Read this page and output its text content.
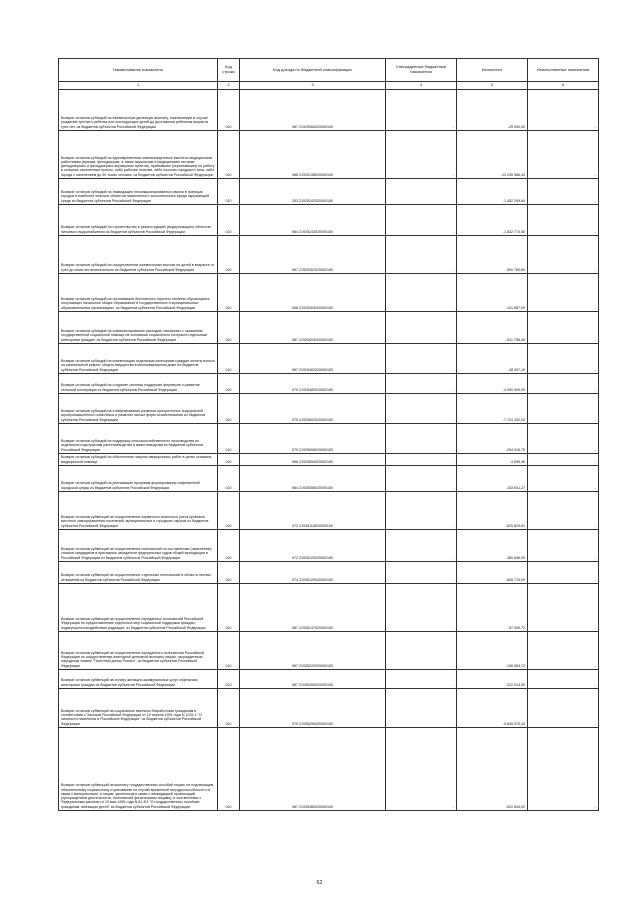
Наименование показателя	Код строки	Код дохода по бюджетной классификации	Утвержденные бюджетные назначения	Исполнено	Неисполненные назначения
1	2	3	4	5	6
Возврат остатков субсидий на ежемесячную денежную выплату, назначаемую в случае рождения третьего ребенка или последующих детей до достижения ребенком возраста трех лет, из бюджетов субъектов Российской Федерации	010	987 21925084020000150	-	-25 000,00	-
Возврат остатков субсидий на единовременные компенсационные выплаты медицинским работникам (врачам, фельдшерам, а также акушеркам и медицинским сестрам фельдшерских и фельдшерско-акушерских пунктов), прибывшим (переехавшим) на работу в сельские населенные пункты, либо рабочие поселки, либо поселки городского типа, либо города с населением до 50 тысяч человек, из бюджетов субъектов Российской Федерации	010	986 21925138020000150	-	-13 245 586,44	-
Возврат остатков субсидий на ликвидацию несанкционированных свалок в границах городов и наиболее опасных объектов накопленного экологического вреда окружающей среде из бюджетов субъектов Российской Федерации	010	253 21925242020000150	-	-1 452 249,84	-
Возврат остатков субсидий на строительство и реконструкцию (модернизацию) объектов питьевого водоснабжения из бюджетов субъектов Российской Федерации	010	984 21925243020000150	-	-1 832 774,50	-
Возврат остатков субсидий на осуществление ежемесячных выплат на детей в возрасте от трех до семи лет включительно из бюджетов субъектов Российской Федерации	010	987 21925302020000150	-	-500 780,84	-
Возврат остатков субсидий на организацию бесплатного горячего питания обучающихся, получающих начальное общее образование в государственных и муниципальных образовательных организациях, из бюджетов субъектов Российской Федерации	010	068 21925304020000150	-	-141 687,09	-
Возврат остатков субсидий на софинансирование расходов, связанных с оказанием государственной социальной помощи на основании социального контракта отдельным категориям граждан, из бюджетов субъектов Российской Федерации	010	987 21925404020000150	-	-511 796,40	-
Возврат остатков субсидий на компенсацию отдельным категориям граждан оплаты взноса на капитальный ремонт общего имущества в многоквартирном доме из бюджетов субъектов Российской Федерации	010	987 21925462020000150	-	-28 497,16	-
Возврат остатков субсидий на создание системы поддержки фермеров и развитие сельской кооперации из бюджетов субъектов Российской Федерации	010	075 21925480020000150	-	-4 000 000,00	-
Возврат остатков субсидий на стимулирование развития приоритетных подотраслей агропромышленного комплекса и развитие малых форм хозяйствования из бюджетов субъектов Российской Федерации	010	075 21925502020000150	-	-7 724 252,02	-
Возврат остатков субсидий на поддержку сельскохозяйственного производства по отдельным подотраслям растениеводства и животноводства из бюджетов субъектов Российской Федерации	010	075 21925508020000150	-	-294 916,75	-
Возврат остатков субсидий на обеспечение закупки авиационных работ в целях оказания медицинской помощи	010	986 21925554020000150	-	-3 559,46	-
Возврат остатков субсидий на реализацию программ формирования современной городской среды из бюджетов субъектов Российской Федерации	010	984 21925555020000150	-	-153 641,27	-
Возврат остатков субвенций на осуществление первичного воинского учета органами местного самоуправления поселений, муниципальных и городских округов из бюджетов субъектов Российской Федерации	010	072 21935118020000150	-	-625 829,81	-
Возврат остатков субвенций на осуществление полномочий по составлению (изменению) списков кандидатов в присяжные заседатели федеральных судов общей юрисдикции в Российской Федерации из бюджетов субъектов Российской Федерации	010	972 21935120020000150	-	-380 646,00	-
Возврат остатков субвенций на осуществление отдельных полномочий в области лесных отношений из бюджетов субъектов Российской Федерации	010	074 21935129020000150	-	-845 715,09	-
Возврат остатков субвенций на осуществление переданных полномочий Российской Федерации по предоставлению отдельных мер социальной поддержки граждан, подвергшихся воздействию радиации, из бюджетов субъектов Российской Федерации	010	987 21935137020000150	-	-97 509,72	-
Возврат остатков субвенций на осуществление переданного полномочия Российской Федерации по осуществлению ежегодной денежной выплаты лицам, награжденным нагрудным знаком "Почетный донор России", из бюджетов субъектов Российской Федерации	010	987 21935220020000150	-	-106 963,72	-
Возврат остатков субвенций на оплату жилищно-коммунальных услуг отдельным категориям граждан из бюджетов субъектов Российской Федерации	010	987 21935250020000150	-	-322 014,50	-
Возврат остатков субвенций на социальные выплаты безработным гражданам в соответствии с Законом Российской Федерации от 19 апреля 1991 года N 1032-1 "О занятости населения в Российской Федерации" из бюджетов субъектов Российской Федерации	010	970 21935290020000150	-	-5 845 070,43	-
Возврат остатков субвенций на выплату государственных пособий лицам, не подлежащим обязательному социальному страхованию на случай временной нетрудоспособности и в связи с материнством, и лицам, уволенным в связи с ликвидацией организаций (прекращением деятельности, полномочий физическими лицами), в соответствии с Федеральным законом от 19 мая 1995 года N 81-ФЗ "О государственных пособиях гражданам, имеющим детей" из бюджетов субъектов Российской Федерации	010	987 21935380020000150	-	-531 844,02	-
62
